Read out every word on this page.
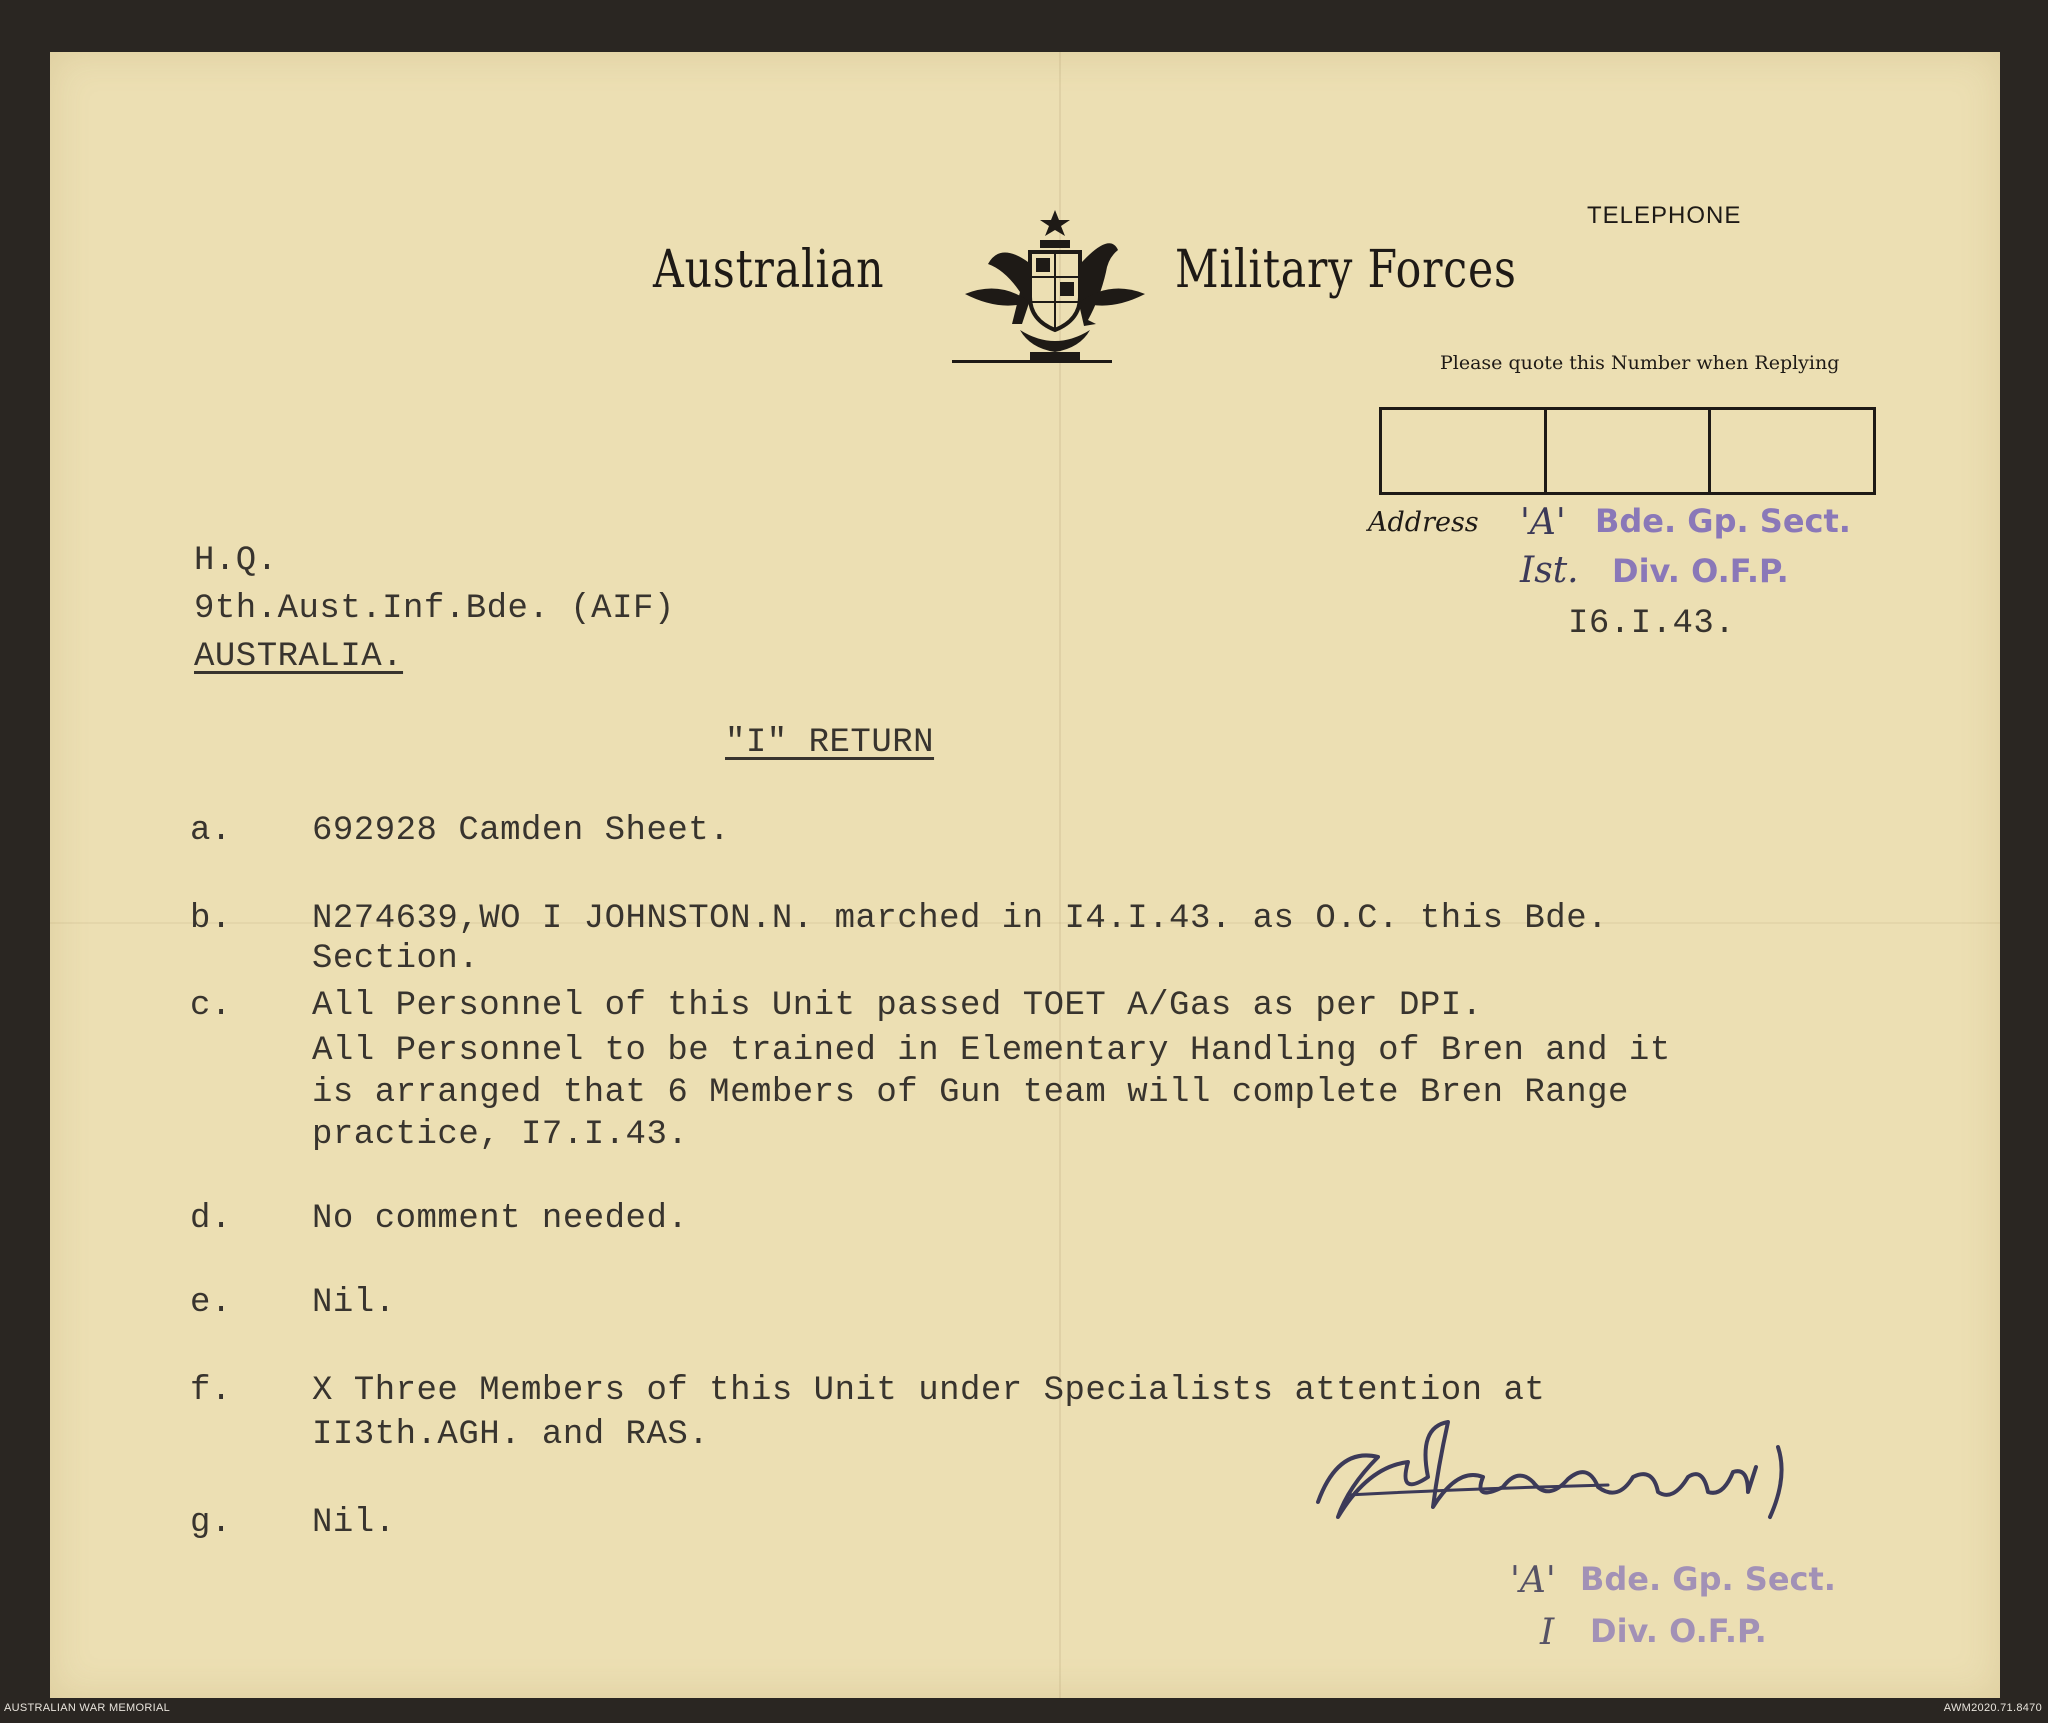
Australian	Military Forces
TELEPHONE
Please quote this Number when Replying
Address 'A' Bde. Gp. Sect.
Ist. Div. O.F.P.
I6.I.43.
H.Q.
9th.Aust.Inf.Bde. (AIF)
AUSTRALIA.
"I" RETURN
a. 692928 Camden Sheet.
b. N274639,WO I JOHNSTON.N. marched in I4.I.43. as O.C. this Bde.
Section.
c. All Personnel of this Unit passed TOET A/Gas as per DPI.
All Personnel to be trained in Elementary Handling of Bren and it
is arranged that 6 Members of Gun team will complete Bren Range
practice, I7.I.43.
d. No comment needed.
e. Nil.
f. X Three Members of this Unit under Specialists attention at
II3th.AGH. and RAS.
g. Nil.
'A' Bde. Gp. Sect.
I Div. O.F.P.
AUSTRALIAN WAR MEMORIAL	AWM2020.71.8470
